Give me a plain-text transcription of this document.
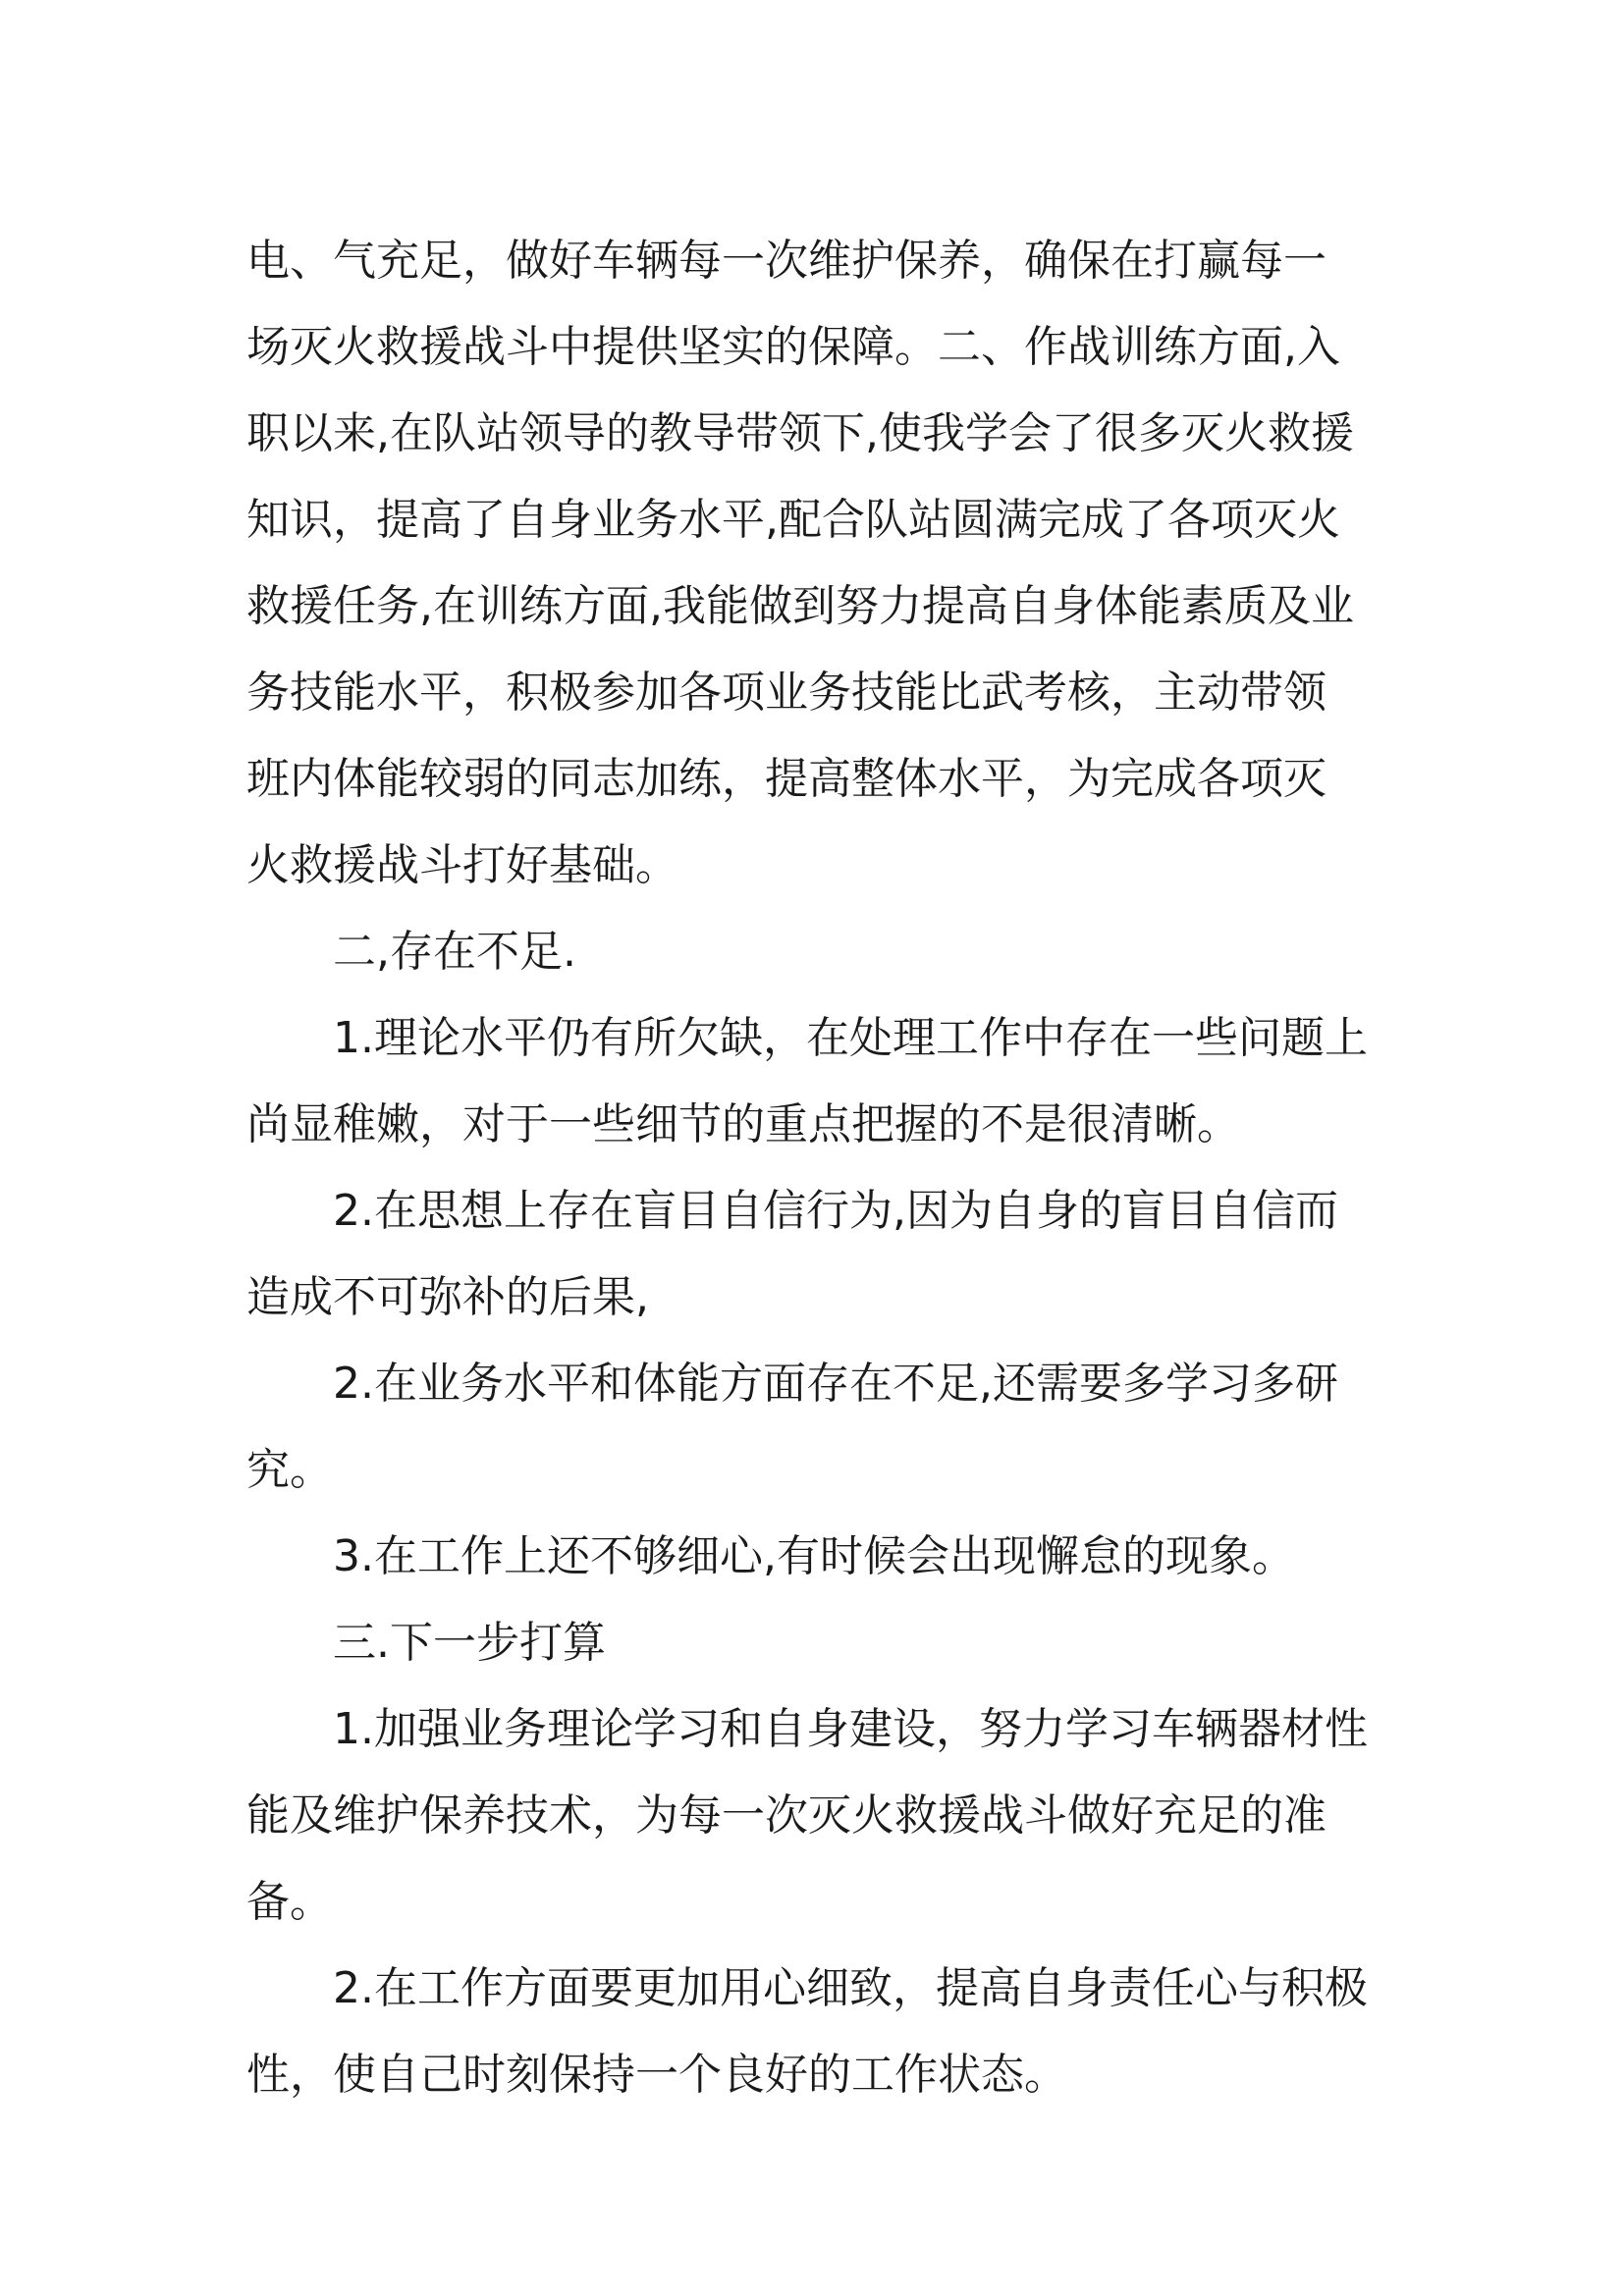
电、气充足，做好车辆每一次维护保养，确保在打赢每一
场灭火救援战斗中提供坚实的保障。二、作战训练方面,入
职以来,在队站领导的教导带领下,使我学会了很多灭火救援
知识，提高了自身业务水平,配合队站圆满完成了各项灭火
救援任务,在训练方面,我能做到努力提高自身体能素质及业
务技能水平，积极参加各项业务技能比武考核，主动带领
班内体能较弱的同志加练，提高整体水平，为完成各项灭
火救援战斗打好基础。
二,存在不足.
1.理论水平仍有所欠缺，在处理工作中存在一些问题上
尚显稚嫩，对于一些细节的重点把握的不是很清晰。
2.在思想上存在盲目自信行为,因为自身的盲目自信而
造成不可弥补的后果,
2.在业务水平和体能方面存在不足,还需要多学习多研
究。
3.在工作上还不够细心,有时候会出现懈怠的现象。
三.下一步打算
1.加强业务理论学习和自身建设，努力学习车辆器材性
能及维护保养技术，为每一次灭火救援战斗做好充足的准
备。
2.在工作方面要更加用心细致，提高自身责任心与积极
性，使自己时刻保持一个良好的工作状态。
